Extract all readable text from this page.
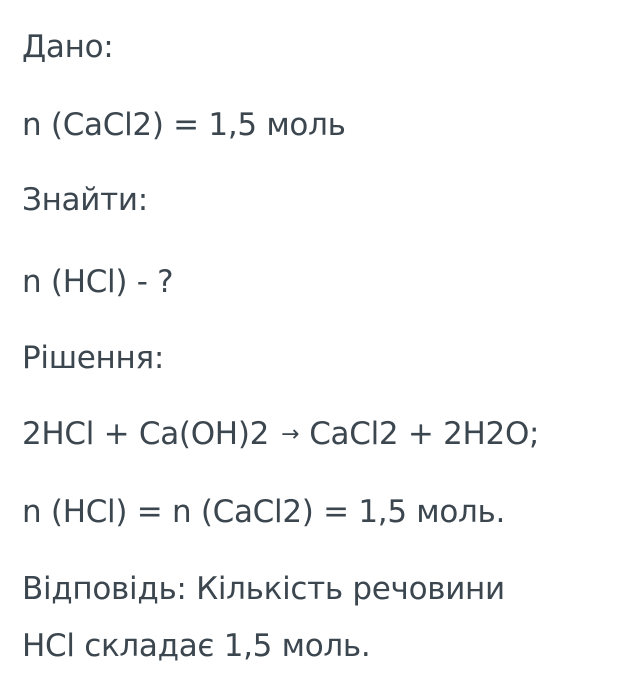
Дано:
n (CaCl2) = 1,5 моль
Знайти:
n (HCl) - ?
Рішення:
2HCl + Ca(OH)2 → CaCl2 + 2H2O;
n (HCl) = n (CaCl2) = 1,5 моль.
Відповідь: Кількість речовини
HCl складає 1,5 моль.
